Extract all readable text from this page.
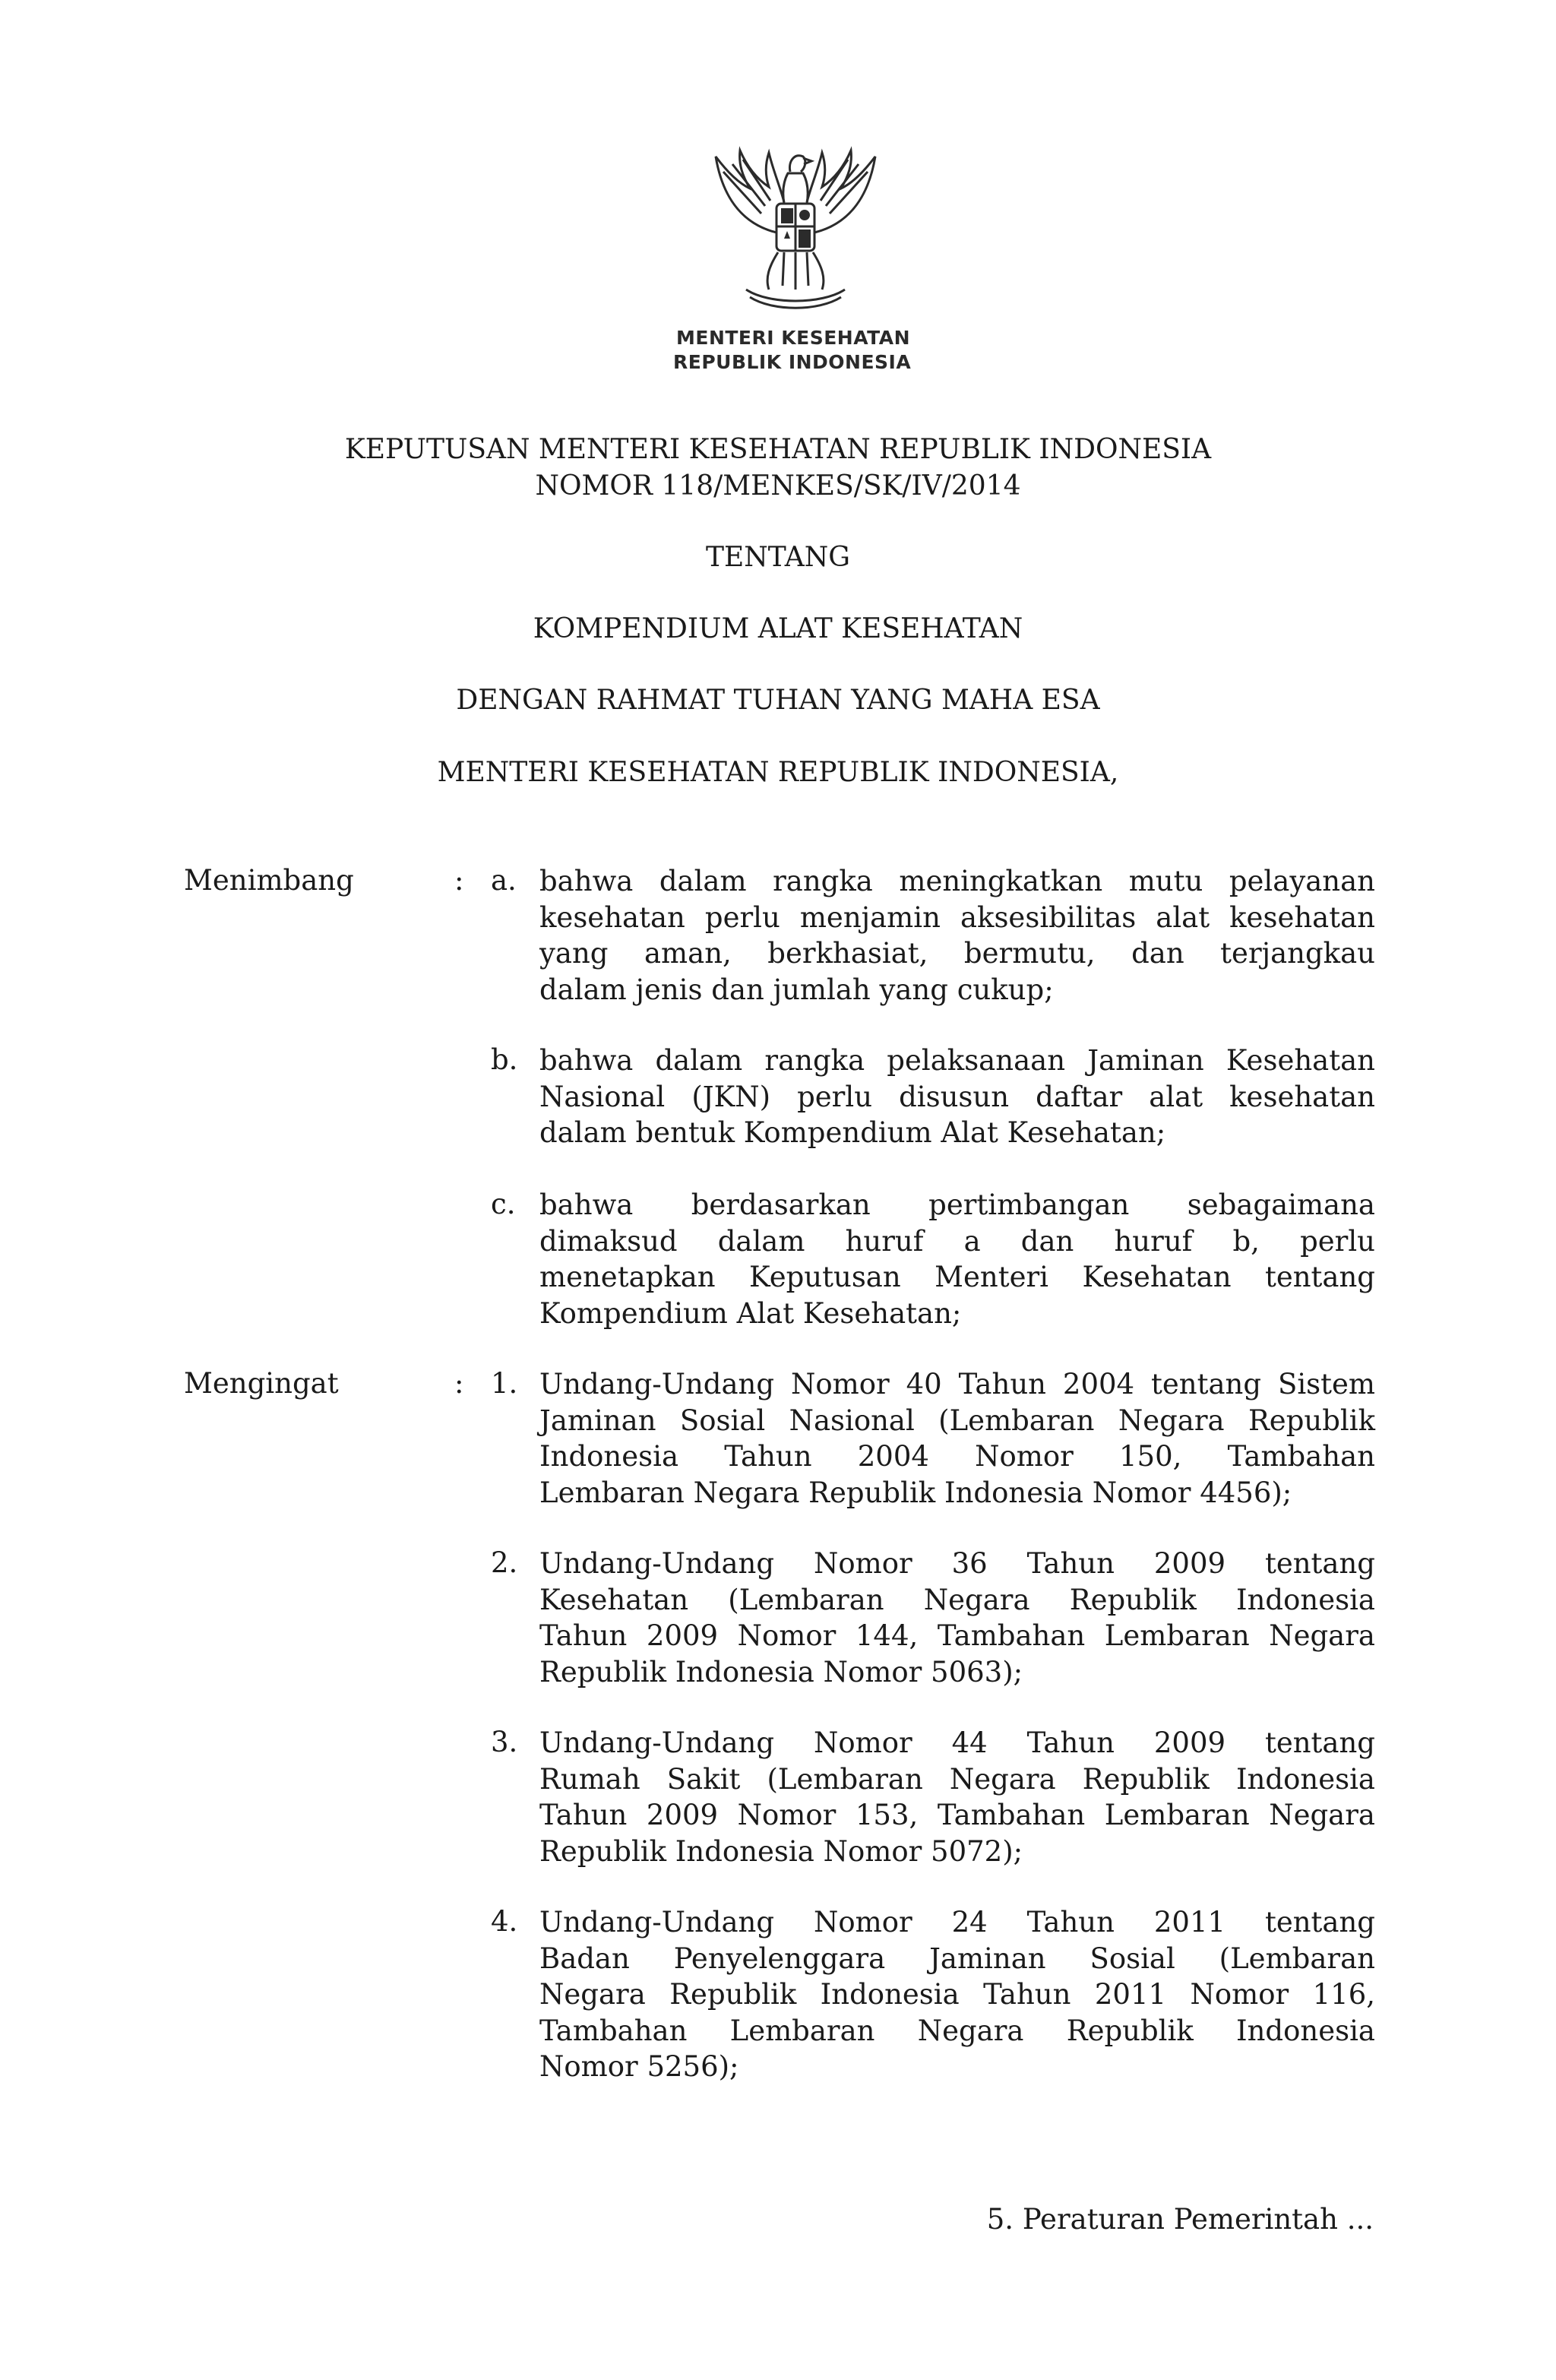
MENTERI KESEHATAN
REPUBLIK INDONESIA
KEPUTUSAN MENTERI KESEHATAN REPUBLIK INDONESIA
NOMOR 118/MENKES/SK/IV/2014
TENTANG
KOMPENDIUM ALAT KESEHATAN
DENGAN RAHMAT TUHAN YANG MAHA ESA
MENTERI KESEHATAN REPUBLIK INDONESIA,
Menimbang	: a. bahwa dalam rangka meningkatkan mutu pelayanan
kesehatan perlu menjamin aksesibilitas alat kesehatan
yang aman, berkhasiat, bermutu, dan terjangkau
dalam jenis dan jumlah yang cukup;
b. bahwa dalam rangka pelaksanaan Jaminan Kesehatan
Nasional (JKN) perlu disusun daftar alat kesehatan
dalam bentuk Kompendium Alat Kesehatan;
c. bahwa berdasarkan pertimbangan sebagaimana
dimaksud dalam huruf a dan huruf b, perlu
menetapkan Keputusan Menteri Kesehatan tentang
Kompendium Alat Kesehatan;
Mengingat	: 1. Undang-Undang Nomor 40 Tahun 2004 tentang Sistem
Jaminan Sosial Nasional (Lembaran Negara Republik
Indonesia Tahun 2004 Nomor 150, Tambahan
Lembaran Negara Republik Indonesia Nomor 4456);
2. Undang-Undang Nomor 36 Tahun 2009 tentang
Kesehatan (Lembaran Negara Republik Indonesia
Tahun 2009 Nomor 144, Tambahan Lembaran Negara
Republik Indonesia Nomor 5063);
3. Undang-Undang Nomor 44 Tahun 2009 tentang
Rumah Sakit (Lembaran Negara Republik Indonesia
Tahun 2009 Nomor 153, Tambahan Lembaran Negara
Republik Indonesia Nomor 5072);
4. Undang-Undang Nomor 24 Tahun 2011 tentang
Badan Penyelenggara Jaminan Sosial (Lembaran
Negara Republik Indonesia Tahun 2011 Nomor 116,
Tambahan Lembaran Negara Republik Indonesia
Nomor 5256);
5. Peraturan Pemerintah ...
